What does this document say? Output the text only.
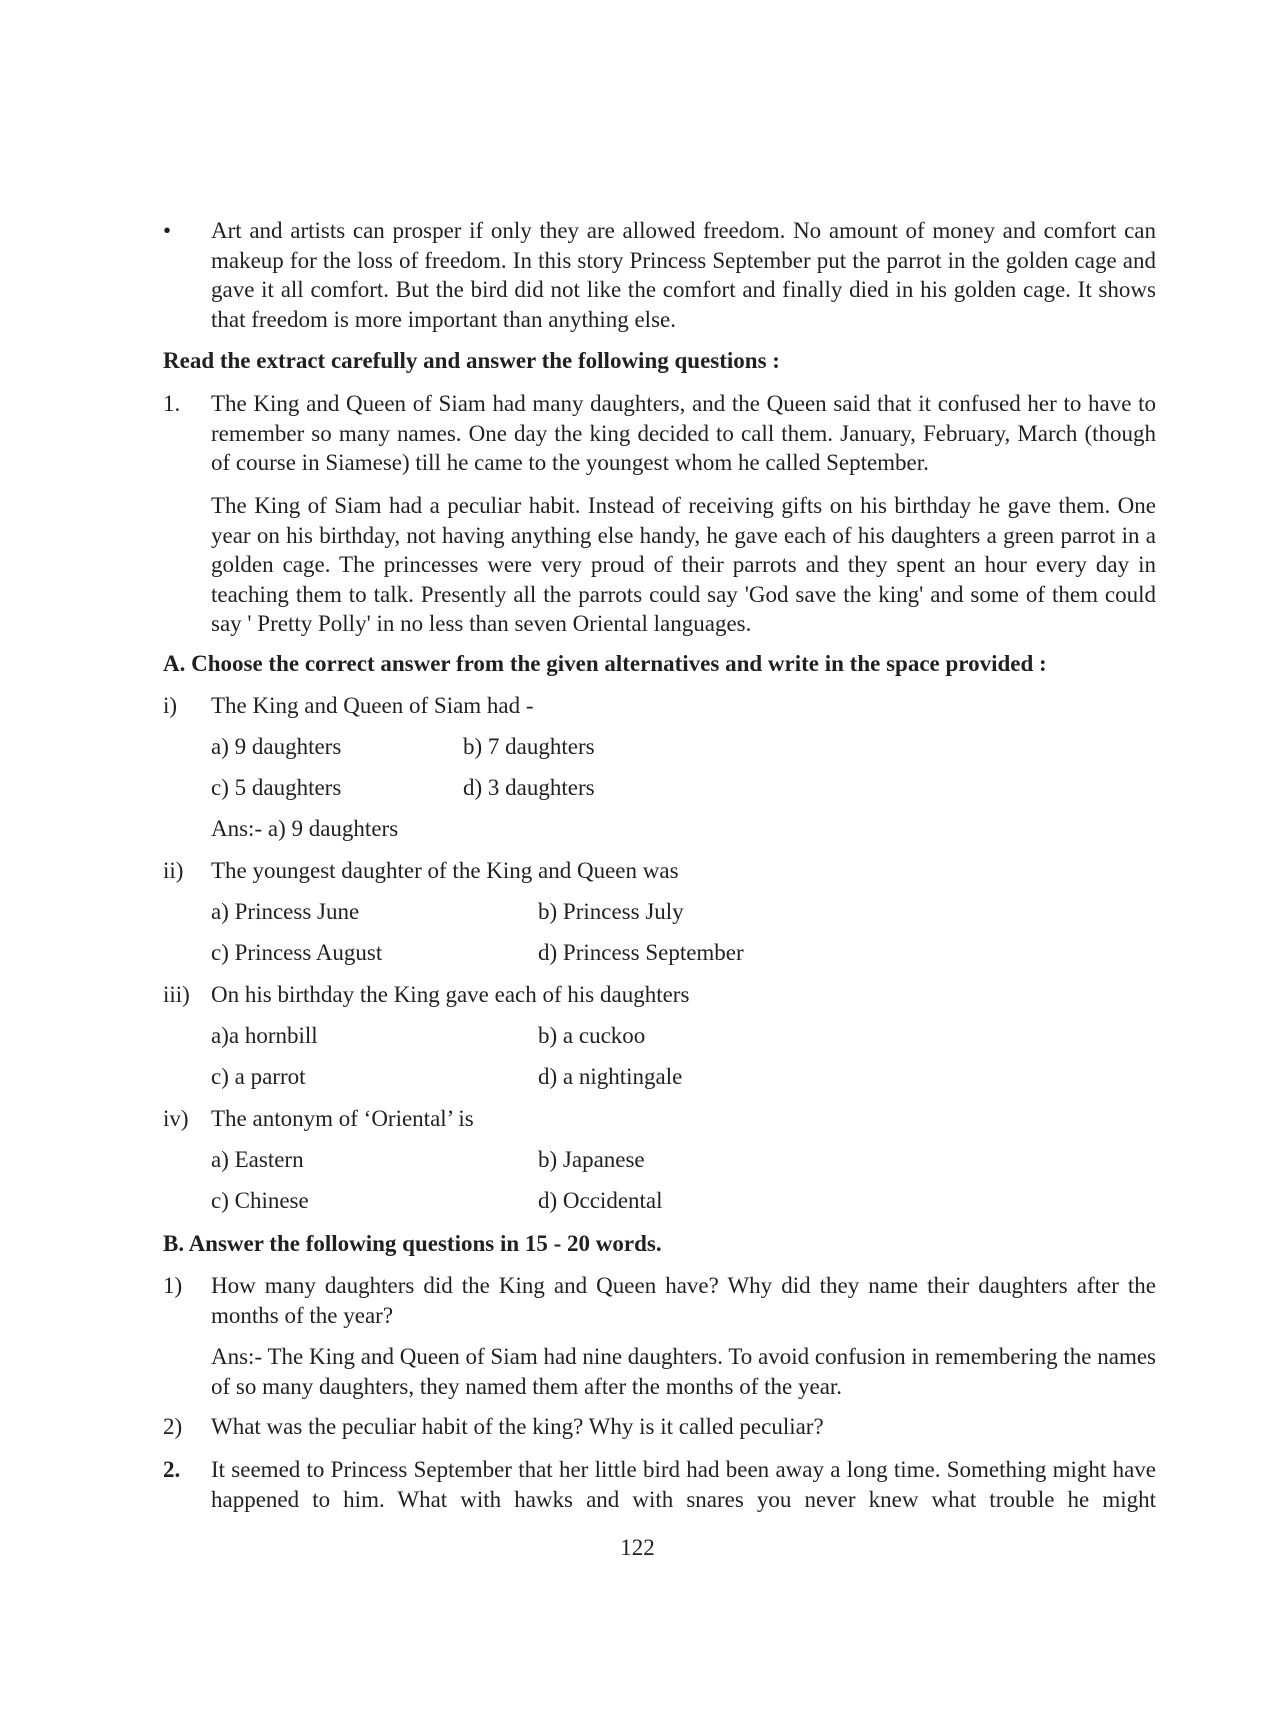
• Art and artists can prosper if only they are allowed freedom. No amount of money and comfort can makeup for the loss of freedom. In this story Princess September put the parrot in the golden cage and gave it all comfort. But the bird did not like the comfort and finally died in his golden cage. It shows that freedom is more important than anything else.
Read the extract carefully and answer the following questions :
1. The King and Queen of Siam had many daughters, and the Queen said that it confused her to have to remember so many names. One day the king decided to call them. January, February, March (though of course in Siamese) till he came to the youngest whom he called September.
The King of Siam had a peculiar habit. Instead of receiving gifts on his birthday he gave them. One year on his birthday, not having anything else handy, he gave each of his daughters a green parrot in a golden cage. The princesses were very proud of their parrots and they spent an hour every day in teaching them to talk. Presently all the parrots could say 'God save the king' and some of them could say ' Pretty Polly' in no less than seven Oriental languages.
A. Choose the correct answer from the given alternatives and write in the space provided :
i) The King and Queen of Siam had -
a) 9 daughters	b) 7 daughters
c) 5 daughters	d) 3 daughters
Ans:- a) 9 daughters
ii) The youngest daughter of the King and Queen was
a) Princess June	b) Princess July
c) Princess August	d) Princess September
iii) On his birthday the King gave each of his daughters
a)a hornbill	b) a cuckoo
c) a parrot	d) a nightingale
iv) The antonym of ‘Oriental’ is
a) Eastern	b) Japanese
c) Chinese	d) Occidental
B. Answer the following questions in 15 - 20 words.
1) How many daughters did the King and Queen have? Why did they name their daughters after the months of the year?
Ans:- The King and Queen of Siam had nine daughters. To avoid confusion in remembering the names of so many daughters, they named them after the months of the year.
2) What was the peculiar habit of the king? Why is it called peculiar?
2. It seemed to Princess September that her little bird had been away a long time. Something might have happened to him. What with hawks and with snares you never knew what trouble he might
122
